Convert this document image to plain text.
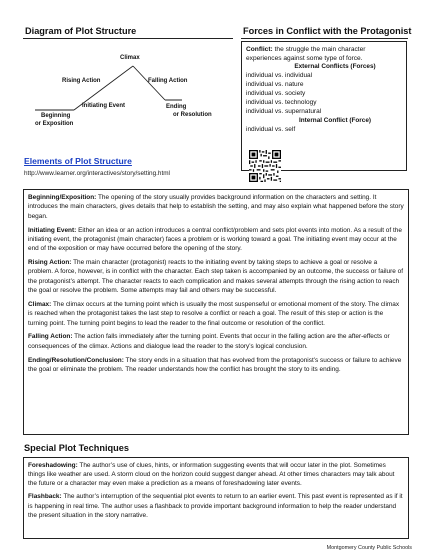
Diagram of Plot Structure	Forces in Conflict with the Protagonist
Climax
Rising Action	Falling Action
Initiating Event
Beginning
or Exposition
Ending
or Resolution
Conflict: the struggle the main character experiences against some type of force.
External Conflicts (Forces)
individual vs. individual
individual vs. nature
individual vs. society
individual vs. technology
individual vs. supernatural
Internal Conflict (Force)
individual vs. self
Elements of Plot Structure
http://www.learner.org/interactives/story/setting.html

Beginning/Exposition: The opening of the story usually provides background information on the characters and setting. It introduces the main characters, gives details that help to establish the setting, and may also explain what happened before the story began.

Initiating Event: Either an idea or an action introduces a central conflict/problem and sets plot events into motion. As a result of the initiating event, the protagonist (main character) faces a problem or is working toward a goal. The initiating event may occur at the end of the exposition or may have occurred before the opening of the story.

Rising Action: The main character (protagonist) reacts to the initiating event by taking steps to achieve a goal or resolve a problem. A force, however, is in conflict with the character. Each step taken is accompanied by an outcome, the success or failure of the protagonist’s attempt. The character reacts to each complication and makes several attempts through the rising action to reach the goal or resolve the problem. Some attempts may fail and others may be successful.

Climax: The climax occurs at the turning point which is usually the most suspenseful or emotional moment of the story. The climax is reached when the protagonist takes the last step to resolve a conflict or reach a goal. The result of this step or action is the turning point. The turning point begins to lead the reader to the final outcome or resolution of the conflict.

Falling Action: The action falls immediately after the turning point. Events that occur in the falling action are the after-effects or consequences of the climax. Actions and dialogue lead the reader to the story’s logical conclusion.

Ending/Resolution/Conclusion: The story ends in a situation that has evolved from the protagonist’s success or failure to achieve the goal or eliminate the problem. The reader understands how the conflict has brought the story to its ending.

Special Plot Techniques

Foreshadowing: The author’s use of clues, hints, or information suggesting events that will occur later in the plot. Sometimes things like weather are used. A storm cloud on the horizon could suggest danger ahead. At other times characters may talk about the future or a character may even make a prediction as a means of foreshadowing later events.

Flashback: The author’s interruption of the sequential plot events to return to an earlier event. This past event is represented as if it is happening in real time. The author uses a flashback to provide important background information to help the reader understand the present situation in the story narrative.

Montgomery County Public Schools
